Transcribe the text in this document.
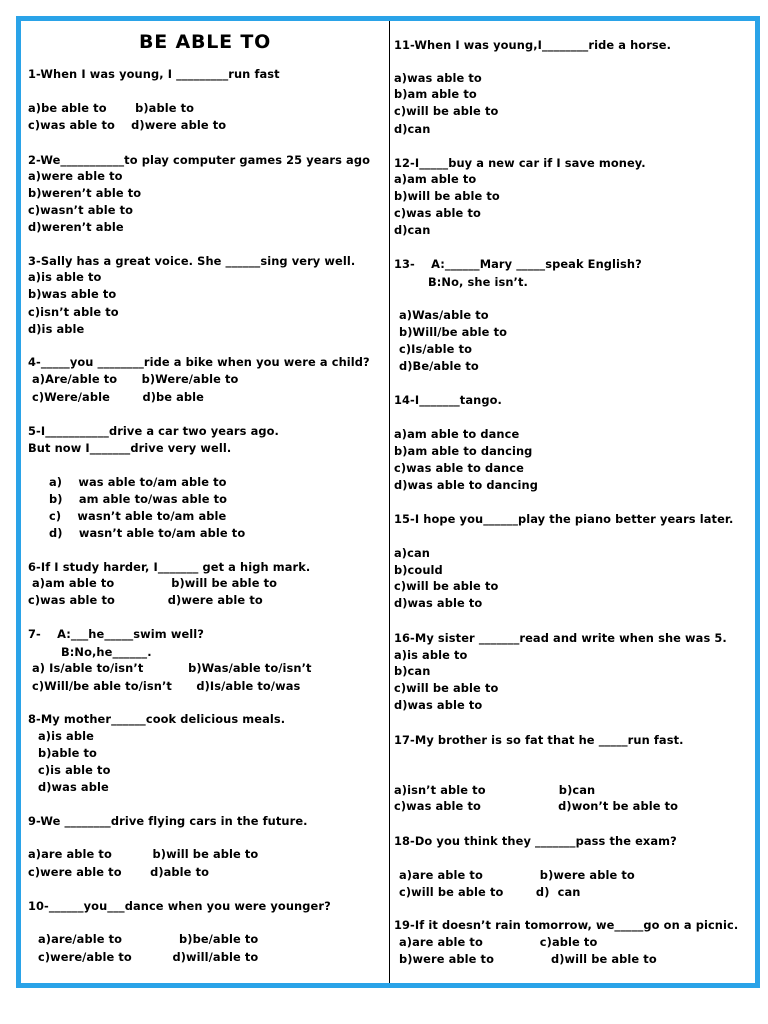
BE ABLE TO
1-When I was young, I _________run fast
a)be able to       b)able to
c)was able to    d)were able to
2-We___________to play computer games 25 years ago
a)were able to
b)weren’t able to
c)wasn’t able to
d)weren’t able
3-Sally has a great voice. She ______sing very well.
a)is able to
b)was able to
c)isn’t able to
d)is able
4-_____you ________ride a bike when you were a child?
a)Are/able to      b)Were/able to
c)Were/able        d)be able
5-I___________drive a car two years ago.
But now I_______drive very well.
a)    was able to/am able to
b)    am able to/was able to
c)    wasn’t able to/am able
d)    wasn’t able to/am able to
6-If I study harder, I_______ get a high mark.
a)am able to              b)will be able to
c)was able to             d)were able to
7-    A:___he_____swim well?
B:No,he______.
a) Is/able to/isn’t           b)Was/able to/isn’t
c)Will/be able to/isn’t      d)Is/able to/was
8-My mother______cook delicious meals.
a)is able
b)able to
c)is able to
d)was able
9-We ________drive flying cars in the future.
a)are able to          b)will be able to
c)were able to       d)able to
10-______you___dance when you were younger?
a)are/able to              b)be/able to
c)were/able to          d)will/able to
11-When I was young,I________ride a horse.
a)was able to
b)am able to
c)will be able to
d)can
12-I_____buy a new car if I save money.
a)am able to
b)will be able to
c)was able to
d)can
13-    A:______Mary _____speak English?
B:No, she isn’t.
a)Was/able to
b)Will/be able to
c)Is/able to
d)Be/able to
14-I_______tango.
a)am able to dance
b)am able to dancing
c)was able to dance
d)was able to dancing
15-I hope you______play the piano better years later.
a)can
b)could
c)will be able to
d)was able to
16-My sister _______read and write when she was 5.
a)is able to
b)can
c)will be able to
d)was able to
17-My brother is so fat that he _____run fast.
a)isn’t able to                  b)can
c)was able to                   d)won’t be able to
18-Do you think they _______pass the exam?
a)are able to              b)were able to
c)will be able to        d)  can
19-If it doesn’t rain tomorrow, we_____go on a picnic.
a)are able to              c)able to
b)were able to              d)will be able to
